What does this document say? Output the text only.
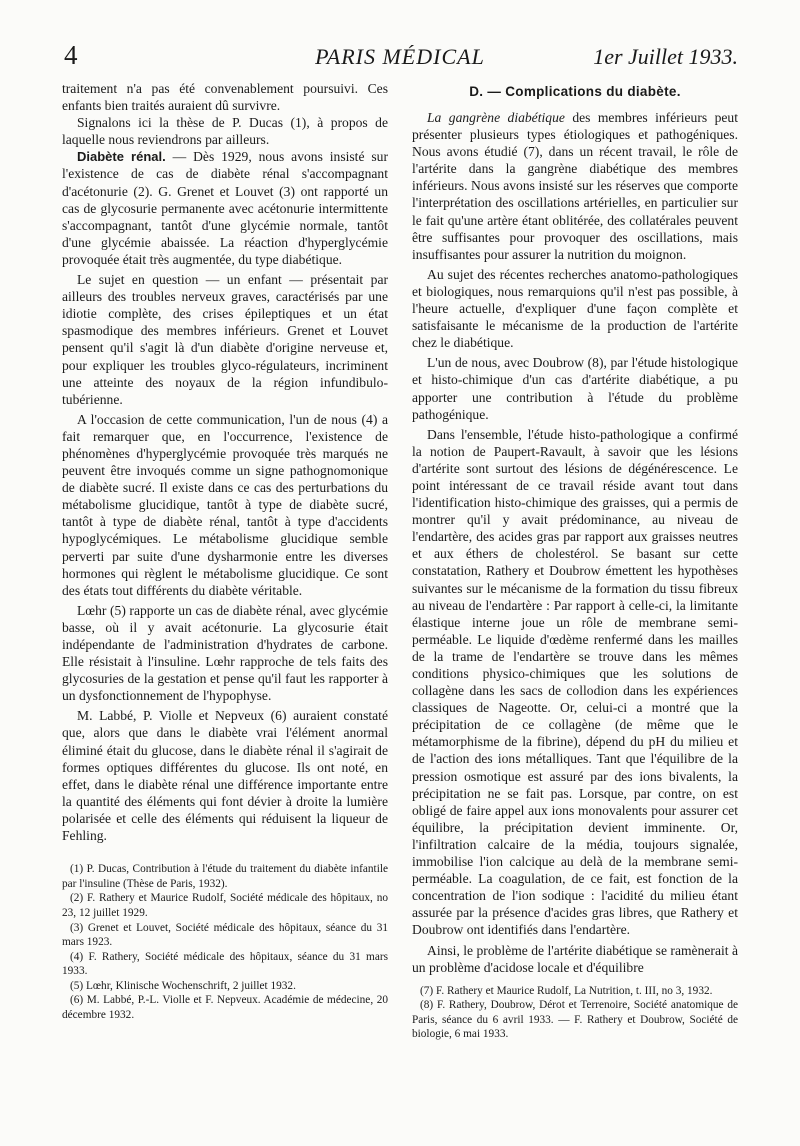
4	PARIS MÉDICAL	1er Juillet 1933.

traitement n'a pas été convenablement poursuivi. Ces enfants bien traités auraient dû survivre.

Signalons ici la thèse de P. Ducas (1), à propos de laquelle nous reviendrons par ailleurs.

Diabète rénal. — Dès 1929, nous avons insisté sur l'existence de cas de diabète rénal s'accompagnant d'acétonurie (2). G. Grenet et Louvet (3) ont rapporté un cas de glycosurie permanente avec acétonurie intermittente s'accompagnant, tantôt d'une glycémie normale, tantôt d'une glycémie abaissée. La réaction d'hyperglycémie provoquée était très augmentée, du type diabétique.

Le sujet en question — un enfant — présentait par ailleurs des troubles nerveux graves, caractérisés par une idiotie complète, des crises épileptiques et un état spasmodique des membres inférieurs. Grenet et Louvet pensent qu'il s'agit là d'un diabète d'origine nerveuse et, pour expliquer les troubles glyco-régulateurs, incriminent une atteinte des noyaux de la région infundibulo-tubérienne.

A l'occasion de cette communication, l'un de nous (4) a fait remarquer que, en l'occurrence, l'existence de phénomènes d'hyperglycémie provoquée très marqués ne peuvent être invoqués comme un signe pathognomonique de diabète sucré. Il existe dans ce cas des perturbations du métabolisme glucidique, tantôt à type de diabète sucré, tantôt à type de diabète rénal, tantôt à type d'accidents hypoglycémiques. Le métabolisme glucidique semble perverti par suite d'une dysharmonie entre les diverses hormones qui règlent le métabolisme glucidique. Ce sont des états tout différents du diabète véritable.

Lœhr (5) rapporte un cas de diabète rénal, avec glycémie basse, où il y avait acétonurie. La glycosurie était indépendante de l'administration d'hydrates de carbone. Elle résistait à l'insuline. Lœhr rapproche de tels faits des glycosuries de la gestation et pense qu'il faut les rapporter à un dysfonctionnement de l'hypophyse.

M. Labbé, P. Violle et Nepveux (6) auraient constaté que, alors que dans le diabète vrai l'élément anormal éliminé était du glucose, dans le diabète rénal il s'agirait de formes optiques différentes du glucose. Ils ont noté, en effet, dans le diabète rénal une différence importante entre la quantité des éléments qui font dévier à droite la lumière polarisée et celle des éléments qui réduisent la liqueur de Fehling.

(1) P. Ducas, Contribution à l'étude du traitement du diabète infantile par l'insuline (Thèse de Paris, 1932).

(2) F. Rathery et Maurice Rudolf, Société médicale des hôpitaux, no 23, 12 juillet 1929.

(3) Grenet et Louvet, Société médicale des hôpitaux, séance du 31 mars 1923.

(4) F. Rathery, Société médicale des hôpitaux, séance du 31 mars 1933.

(5) Lœhr, Klinische Wochenschrift, 2 juillet 1932.

(6) M. Labbé, P.-L. Violle et F. Nepveux. Académie de médecine, 20 décembre 1932.

D. — Complications du diabète.

La gangrène diabétique des membres inférieurs peut présenter plusieurs types étiologiques et pathogéniques. Nous avons étudié (7), dans un récent travail, le rôle de l'artérite dans la gangrène diabétique des membres inférieurs. Nous avons insisté sur les réserves que comporte l'interprétation des oscillations artérielles, en particulier sur le fait qu'une artère étant oblitérée, des collatérales peuvent être suffisantes pour provoquer des oscillations, mais insuffisantes pour assurer la nutrition du moignon.

Au sujet des récentes recherches anatomo-pathologiques et biologiques, nous remarquions qu'il n'est pas possible, à l'heure actuelle, d'expliquer d'une façon complète et satisfaisante le mécanisme de la production de l'artérite chez le diabétique.

L'un de nous, avec Doubrow (8), par l'étude histologique et histo-chimique d'un cas d'artérite diabétique, a pu apporter une contribution à l'étude du problème pathogénique.

Dans l'ensemble, l'étude histo-pathologique a confirmé la notion de Paupert-Ravault, à savoir que les lésions d'artérite sont surtout des lésions de dégénérescence. Le point intéressant de ce travail réside avant tout dans l'identification histo-chimique des graisses, qui a permis de montrer qu'il y avait prédominance, au niveau de l'endartère, des acides gras par rapport aux graisses neutres et aux éthers de cholestérol. Se basant sur cette constatation, Rathery et Doubrow émettent les hypothèses suivantes sur le mécanisme de la formation du tissu fibreux au niveau de l'endartère : Par rapport à celle-ci, la limitante élastique interne joue un rôle de membrane semi-perméable. Le liquide d'œdème renfermé dans les mailles de la trame de l'endartère se trouve dans les mêmes conditions physico-chimiques que les solutions de collagène dans les sacs de collodion dans les expériences classiques de Nageotte. Or, celui-ci a montré que la précipitation de ce collagène (de même que le métamorphisme de la fibrine), dépend du pH du milieu et de l'action des ions métalliques. Tant que l'équilibre de la pression osmotique est assuré par des ions bivalents, la précipitation ne se fait pas. Lorsque, par contre, on est obligé de faire appel aux ions monovalents pour assurer cet équilibre, la précipitation devient imminente. Or, l'infiltration calcaire de la média, toujours signalée, immobilise l'ion calcique au delà de la membrane semi-perméable. La coagulation, de ce fait, est fonction de la concentration de l'ion sodique : l'acidité du milieu étant assurée par la présence d'acides gras libres, que Rathery et Doubrow ont identifiés dans l'endartère.

Ainsi, le problème de l'artérite diabétique se ramènerait à un problème d'acidose locale et d'équilibre

(7) F. Rathery et Maurice Rudolf, La Nutrition, t. III, no 3, 1932.

(8) F. Rathery, Doubrow, Dérot et Terrenoire, Société anatomique de Paris, séance du 6 avril 1933. — F. Rathery et Doubrow, Société de biologie, 6 mai 1933.
